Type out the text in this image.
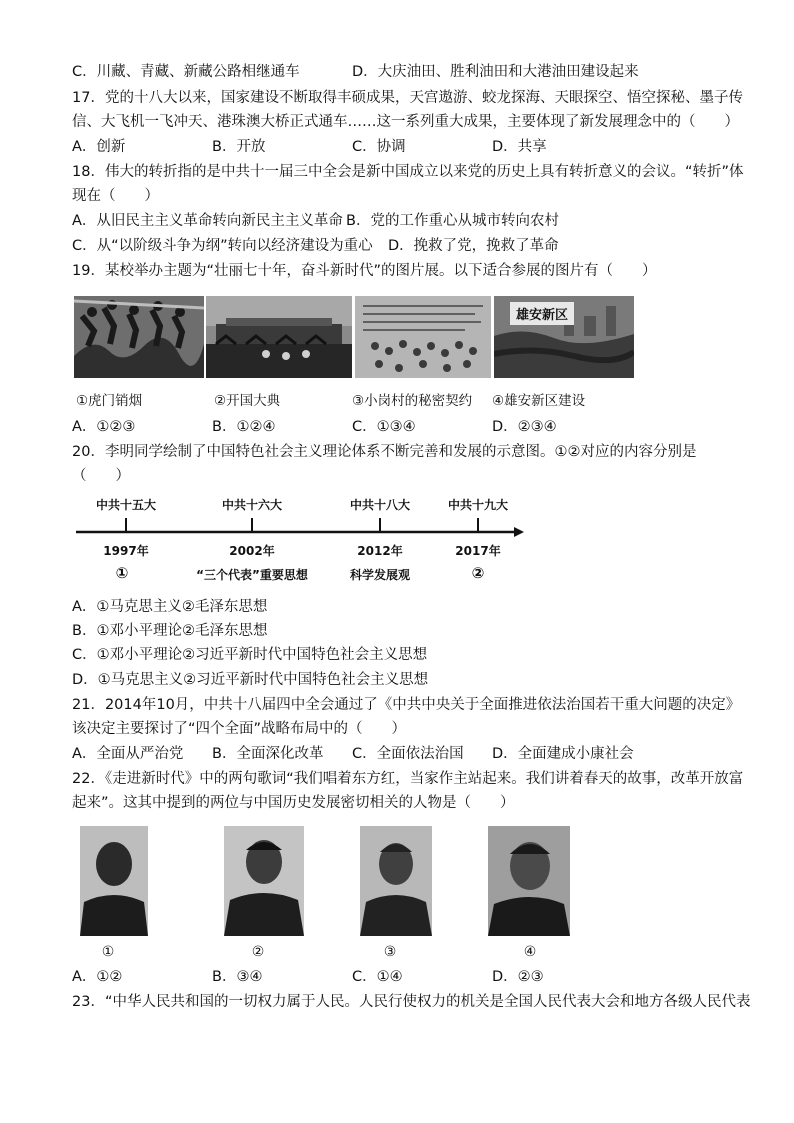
C．川藏、青藏、新藏公路相继通车	D．大庆油田、胜利油田和大港油田建设起来
17．党的十八大以来，国家建设不断取得丰硕成果，天宫遨游、蛟龙探海、天眼探空、悟空探秘、墨子传
信、大飞机一飞冲天、港珠澳大桥正式通车……这一系列重大成果，主要体现了新发展理念中的（　　）
A．创新	B．开放	C．协调	D．共享
18．伟大的转折指的是中共十一届三中全会是新中国成立以来党的历史上具有转折意义的会议。“转折”体
现在（　　）
A．从旧民主主义革命转向新民主主义革命 B．党的工作重心从城市转向农村
C．从“以阶级斗争为纲”转向以经济建设为重心 D．挽救了党，挽救了革命
19．某校举办主题为“壮丽七十年，奋斗新时代”的图片展。以下适合参展的图片有（　　）
雄安新区
①虎门销烟	②开国大典	③小岗村的秘密契约 ④雄安新区建设
A．①②③	B．①②④	C．①③④	D．②③④
20．李明同学绘制了中国特色社会主义理论体系不断完善和发展的示意图。①②对应的内容分别是
（　　）
中共十五大	中共十六大	中共十八大	中共十九大
1997年	2002年	2012年	2017年
①	“三个代表”重要思想	科学发展观	②
A．①马克思主义②毛泽东思想
B．①邓小平理论②毛泽东思想
C．①邓小平理论②习近平新时代中国特色社会主义思想
D．①马克思主义②习近平新时代中国特色社会主义思想
21．2014年10月，中共十八届四中全会通过了《中共中央关于全面推进依法治国若干重大问题的决定》
该决定主要探讨了“四个全面”战略布局中的（　　）
A．全面从严治党 B．全面深化改革 C．全面依法治国 D．全面建成小康社会
22．《走进新时代》中的两句歌词“我们唱着东方红，当家作主站起来。我们讲着春天的故事，改革开放富
起来”。这其中提到的两位与中国历史发展密切相关的人物是（　　）
①	②	③	④
A．①②	B．③④	C．①④	D．②③
23．“中华人民共和国的一切权力属于人民。人民行使权力的机关是全国人民代表大会和地方各级人民代表
